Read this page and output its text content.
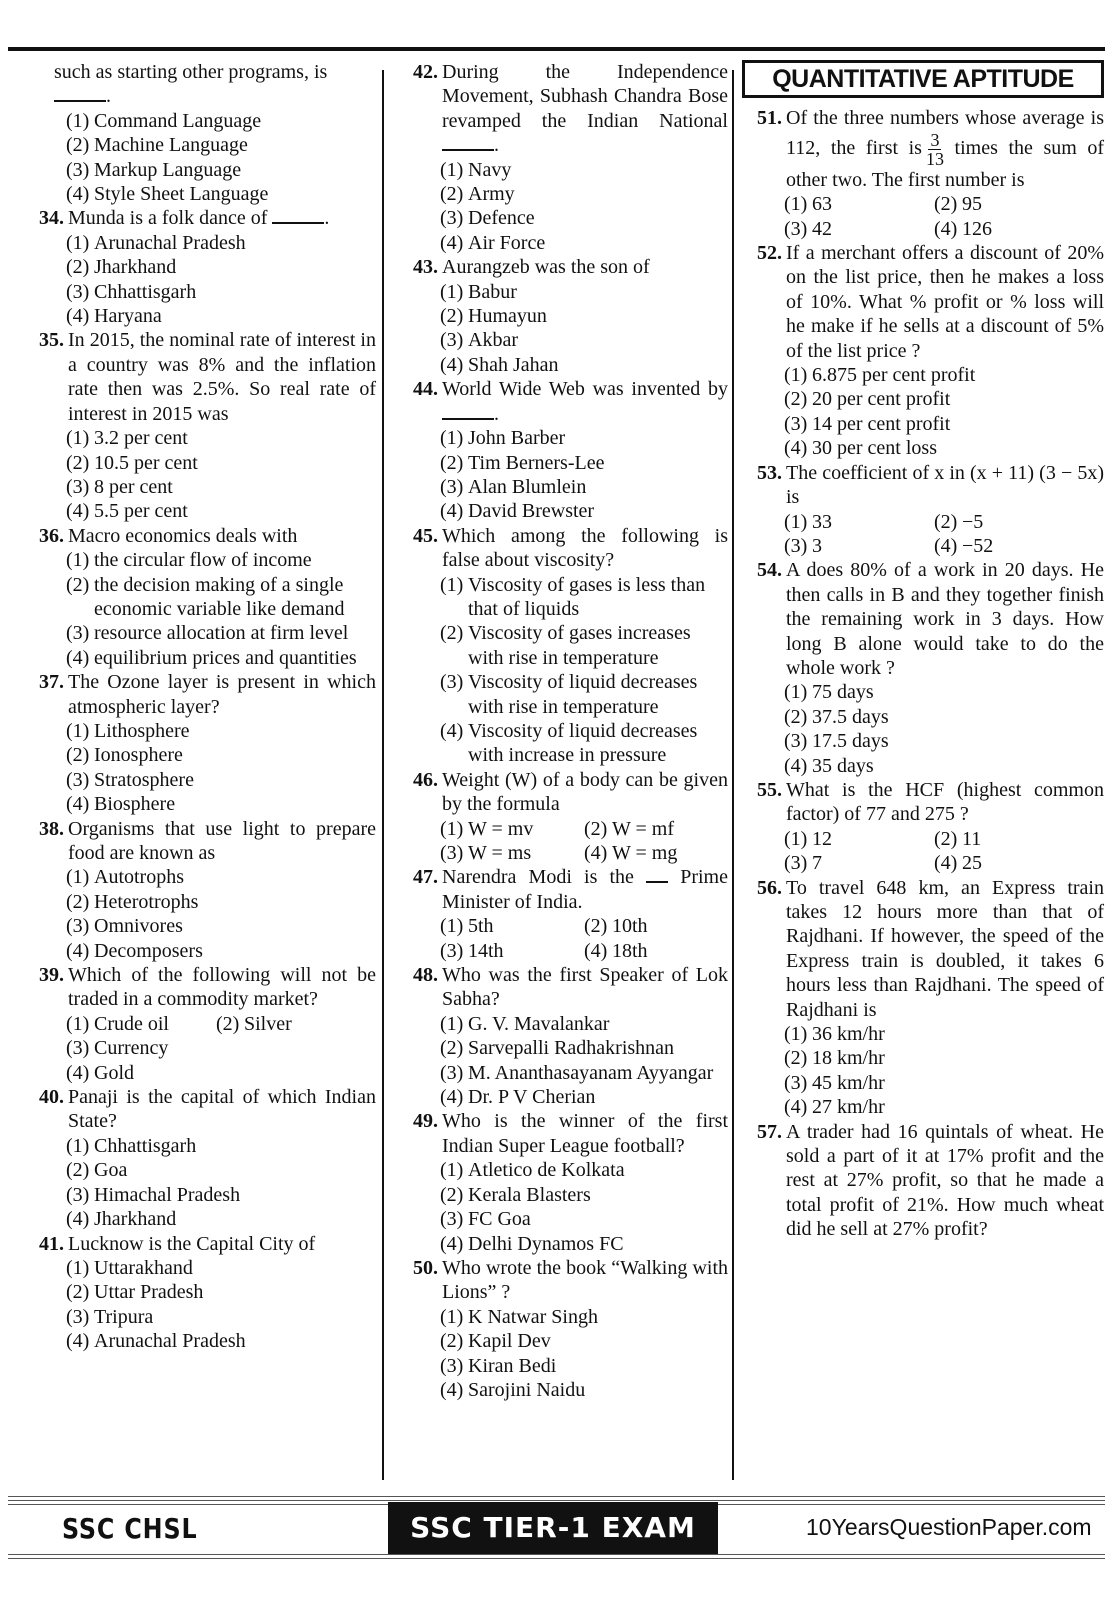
such as starting other programs, is .
(1) Command Language
(2) Machine Language
(3) Markup Language
(4) Style Sheet Language
34. Munda is a folk dance of	.
(1) Arunachal Pradesh
(2) Jharkhand
(3) Chhattisgarh
(4) Haryana
35. In 2015, the nominal rate of interest in a country was 8% and the inflation rate then was 2.5%. So real rate of interest in 2015 was
(1) 3.2 per cent
(2) 10.5 per cent
(3) 8 per cent
(4) 5.5 per cent
36. Macro economics deals with
(1) the circular flow of income
(2) the decision making of a single economic variable like demand
(3) resource allocation at firm level
(4) equilibrium prices and quantities
37. The Ozone layer is present in which atmospheric layer?
(1) Lithosphere
(2) Ionosphere
(3) Stratosphere
(4) Biosphere
38. Organisms that use light to prepare food are known as
(1) Autotrophs
(2) Heterotrophs
(3) Omnivores
(4) Decomposers
39. Which of the following will not be traded in a commodity market?
(1) Crude oil	(2) Silver
(3) Currency
(4) Gold
40. Panaji is the capital of which Indian State?
(1) Chhattisgarh
(2) Goa
(3) Himachal Pradesh
(4) Jharkhand
41. Lucknow is the Capital City of
(1) Uttarakhand
(2) Uttar Pradesh
(3) Tripura
(4) Arunachal Pradesh
42. During the Independence Movement, Subhash Chandra Bose revamped the Indian National .
(1) Navy
(2) Army
(3) Defence
(4) Air Force
43. Aurangzeb was the son of
(1) Babur
(2) Humayun
(3) Akbar
(4) Shah Jahan
44. World Wide Web was invented by .
(1) John Barber
(2) Tim Berners-Lee
(3) Alan Blumlein
(4) David Brewster
45. Which among the following is false about viscosity?
(1) Viscosity of gases is less than that of liquids
(2) Viscosity of gases increases with rise in temperature
(3) Viscosity of liquid decreases with rise in temperature
(4) Viscosity of liquid decreases with increase in pressure
46. Weight (W) of a body can be given by the formula
(1) W = mv	(2) W = mf
(3) W = ms	(4) W = mg
47. Narendra Modi is the Prime Minister of India.
(1) 5th	(2) 10th
(3) 14th	(4) 18th
48. Who was the first Speaker of Lok Sabha?
(1) G. V. Mavalankar
(2) Sarvepalli Radhakrishnan
(3) M. Ananthasayanam Ayyangar
(4) Dr. P V Cherian
49. Who is the winner of the first Indian Super League football?
(1) Atletico de Kolkata
(2) Kerala Blasters
(3) FC Goa
(4) Delhi Dynamos FC
50. Who wrote the book “Walking with Lions” ?
(1) K Natwar Singh
(2) Kapil Dev
(3) Kiran Bedi
(4) Sarojini Naidu
QUANTITATIVE APTITUDE
51. Of the three numbers whose average is 112, the first is $\frac{3}{13}$ times the sum of other two. The first number is
(1) 63	(2) 95
(3) 42	(4) 126
52. If a merchant offers a discount of 20% on the list price, then he makes a loss of 10%. What % profit or % loss will he make if he sells at a discount of 5% of the list price ?
(1) 6.875 per cent profit
(2) 20 per cent profit
(3) 14 per cent profit
(4) 30 per cent loss
53. The coefficient of x in (x + 11) (3 − 5x) is
(1) 33	(2) −5
(3) 3	(4) −52
54. A does 80% of a work in 20 days. He then calls in B and they together finish the remaining work in 3 days. How long B alone would take to do the whole work ?
(1) 75 days
(2) 37.5 days
(3) 17.5 days
(4) 35 days
55. What is the HCF (highest common factor) of 77 and 275 ?
(1) 12	(2) 11
(3) 7	(4) 25
56. To travel 648 km, an Express train takes 12 hours more than that of Rajdhani. If however, the speed of the Express train is doubled, it takes 6 hours less than Rajdhani. The speed of Rajdhani is
(1) 36 km/hr
(2) 18 km/hr
(3) 45 km/hr
(4) 27 km/hr
57. A trader had 16 quintals of wheat. He sold a part of it at 17% profit and the rest at 27% profit, so that he made a total profit of 21%. How much wheat did he sell at 27% profit?
SSC CHSL	SSC TIER-1 EXAM	10YearsQuestionPaper.com
